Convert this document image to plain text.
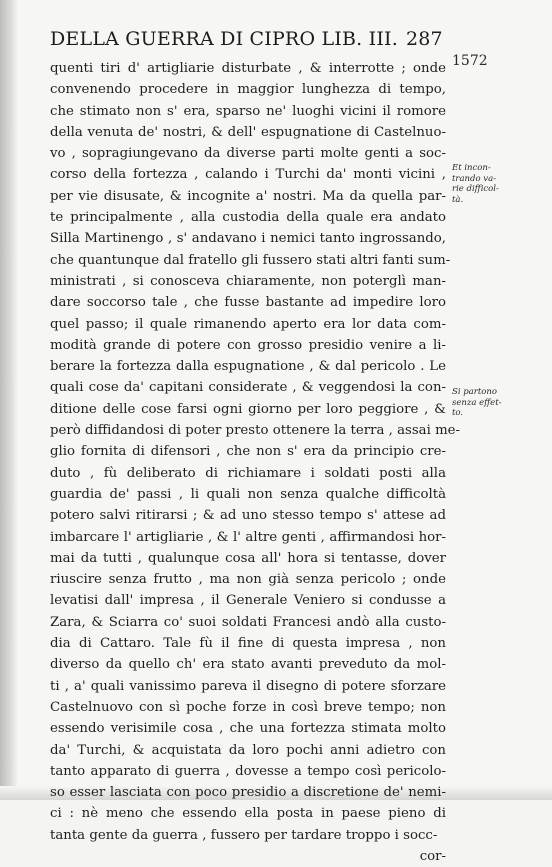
DELLA GUERRA DI CIPRO LIB. III. 287
1572
quenti tiri d' artigliarie disturbate , & interrotte ; onde
convenendo procedere in maggior lunghezza di tempo,
che stimato non s' era, sparso ne' luoghi vicini il romore
della venuta de' nostri, & dell' espugnatione di Castelnuo-
vo , sopragiungevano da diverse parti molte genti a soc-
corso della fortezza , calando i Turchi da' monti vicini ,
per vie disusate, & incognite a' nostri. Ma da quella par-
te principalmente , alla custodia della quale era andato
Silla Martinengo , s' andavano i nemici tanto ingrossando,
che quantunque dal fratello gli fussero stati altri fanti sum-
ministrati , si conosceva chiaramente, non poterglì man-
dare soccorso tale , che fusse bastante ad impedire loro
quel passo; il quale rimanendo aperto era lor data com-
modità grande di potere con grosso presidio venire a li-
berare la fortezza dalla espugnatione , & dal pericolo . Le
quali cose da' capitani considerate , & veggendosi la con-
ditione delle cose farsi ogni giorno per loro peggiore , &
però diffidandosi di poter presto ottenere la terra , assai me-
glio fornita di difensori , che non s' era da principio cre-
duto , fù deliberato di richiamare i soldati posti alla
guardia de' passi , li quali non senza qualche difficoltà
potero salvi ritirarsi ; & ad uno stesso tempo s' attese ad
imbarcare l' artigliarie , & l' altre genti , affirmandosi hor-
mai da tutti , qualunque cosa all' hora si tentasse, dover
riuscire senza frutto , ma non già senza pericolo ; onde
levatisi dall' impresa , il Generale Veniero si condusse a
Zara, & Sciarra co' suoi soldati Francesi andò alla custo-
dia di Cattaro. Tale fù il fine di questa impresa , non
diverso da quello ch' era stato avanti preveduto da mol-
ti , a' quali vanissimo pareva il disegno di potere sforzare
Castelnuovo con sì poche forze in così breve tempo; non
essendo verisimile cosa , che una fortezza stimata molto
da' Turchi, & acquistata da loro pochi anni adietro con
tanto apparato di guerra , dovesse a tempo così pericolo-
so esser lasciata con poco presidio a discretione de' nemi-
ci : nè meno che essendo ella posta in paese pieno di
tanta gente da guerra , fussero per tardare troppo i socc-
cor-
Et incon-
trando va-
rie difficol-
tà.
Si partono
senza effet-
to.
